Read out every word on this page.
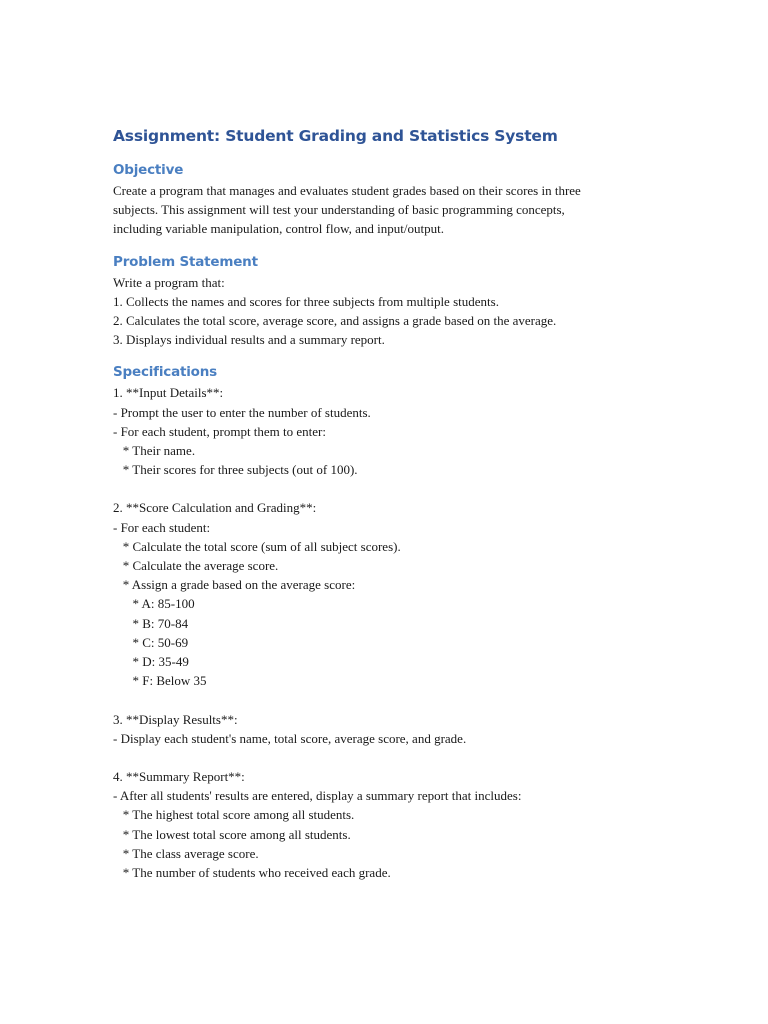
Assignment: Student Grading and Statistics System
Objective

Create a program that manages and evaluates student grades based on their scores in three

subjects. This assignment will test your understanding of basic programming concepts,

including variable manipulation, control flow, and input/output.

Problem Statement

Write a program that:

1. Collects the names and scores for three subjects from multiple students.

2. Calculates the total score, average score, and assigns a grade based on the average.

3. Displays individual results and a summary report.

Specifications

1. **Input Details**:

- Prompt the user to enter the number of students.

- For each student, prompt them to enter:

* Their name.

* Their scores for three subjects (out of 100).

2. **Score Calculation and Grading**:

- For each student:

* Calculate the total score (sum of all subject scores).

* Calculate the average score.

* Assign a grade based on the average score:

* A: 85-100

* B: 70-84

* C: 50-69

* D: 35-49

* F: Below 35

3. **Display Results**:

- Display each student's name, total score, average score, and grade.

4. **Summary Report**:

- After all students' results are entered, display a summary report that includes:

* The highest total score among all students.

* The lowest total score among all students.

* The class average score.

* The number of students who received each grade.
